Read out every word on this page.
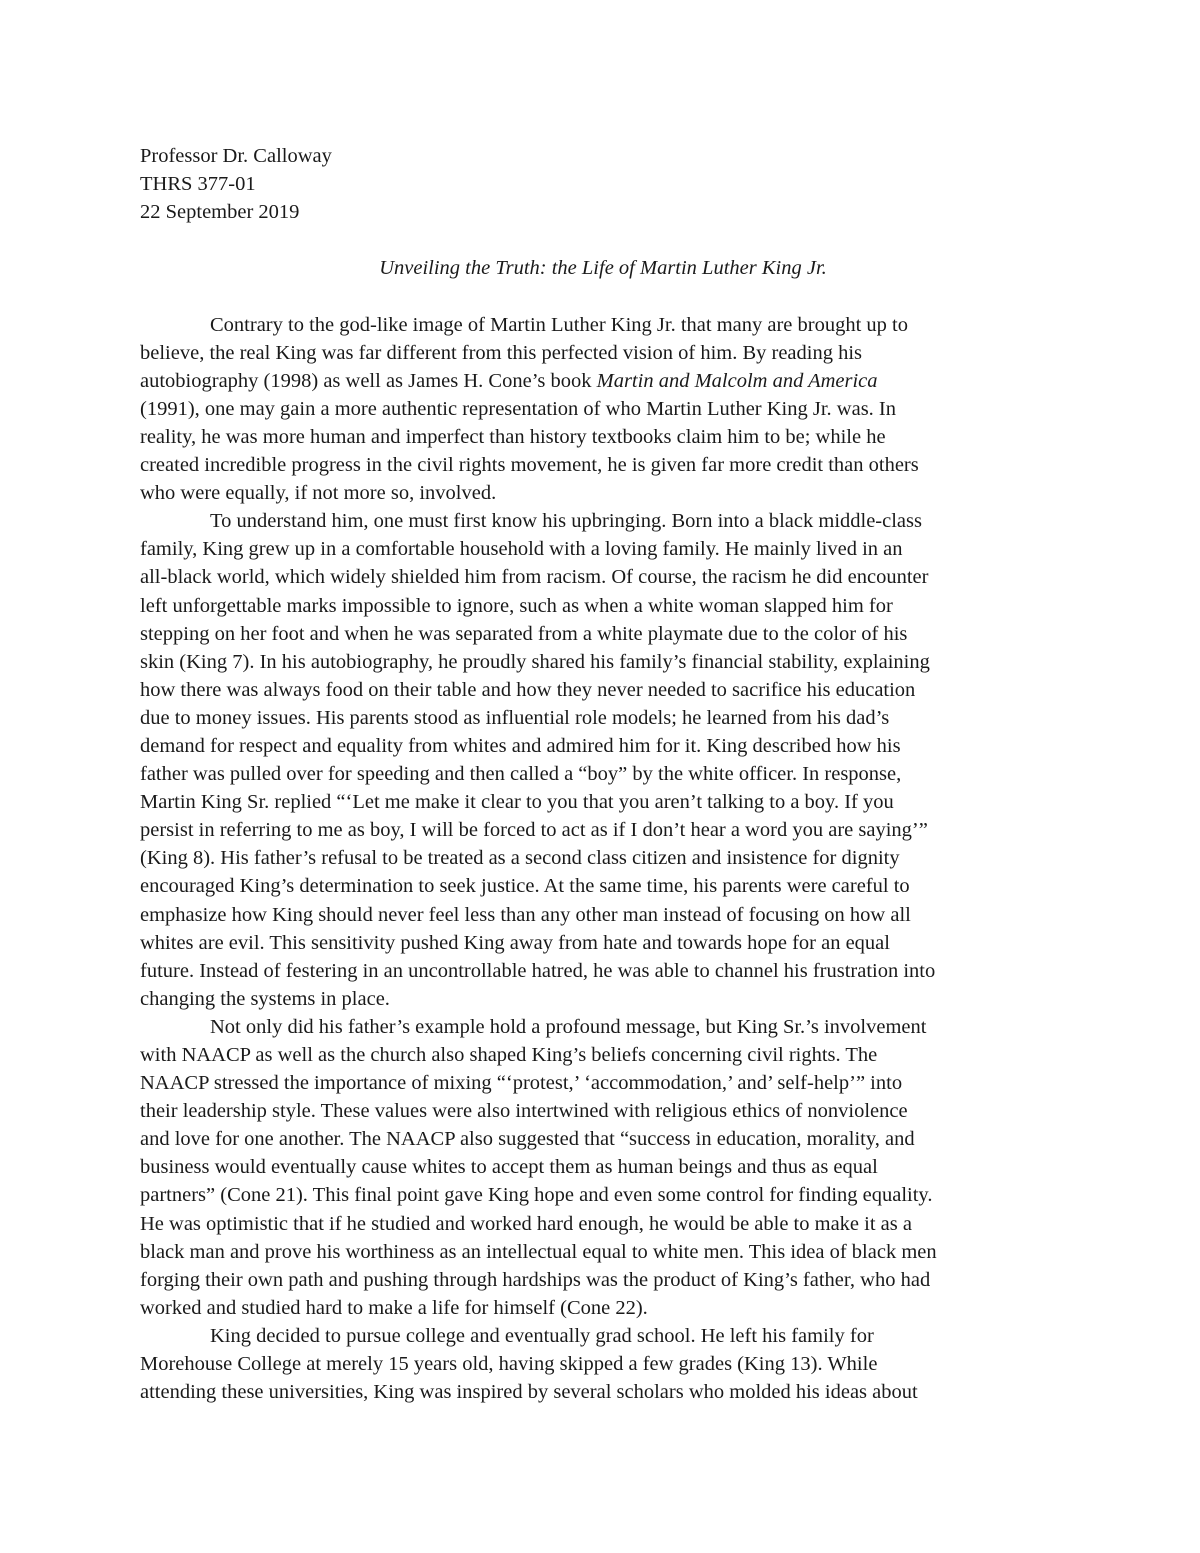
Professor Dr. Calloway
THRS 377-01
22 September 2019
Unveiling the Truth: the Life of Martin Luther King Jr.
Contrary to the god-like image of Martin Luther King Jr. that many are brought up to
believe, the real King was far different from this perfected vision of him. By reading his
autobiography (1998) as well as James H. Cone’s book Martin and Malcolm and America
(1991), one may gain a more authentic representation of who Martin Luther King Jr. was. In
reality, he was more human and imperfect than history textbooks claim him to be; while he
created incredible progress in the civil rights movement, he is given far more credit than others
who were equally, if not more so, involved.
To understand him, one must first know his upbringing. Born into a black middle-class
family, King grew up in a comfortable household with a loving family. He mainly lived in an
all-black world, which widely shielded him from racism. Of course, the racism he did encounter
left unforgettable marks impossible to ignore, such as when a white woman slapped him for
stepping on her foot and when he was separated from a white playmate due to the color of his
skin (King 7). In his autobiography, he proudly shared his family’s financial stability, explaining
how there was always food on their table and how they never needed to sacrifice his education
due to money issues. His parents stood as influential role models; he learned from his dad’s
demand for respect and equality from whites and admired him for it. King described how his
father was pulled over for speeding and then called a “boy” by the white officer. In response,
Martin King Sr. replied “‘Let me make it clear to you that you aren’t talking to a boy. If you
persist in referring to me as boy, I will be forced to act as if I don’t hear a word you are saying’”
(King 8). His father’s refusal to be treated as a second class citizen and insistence for dignity
encouraged King’s determination to seek justice. At the same time, his parents were careful to
emphasize how King should never feel less than any other man instead of focusing on how all
whites are evil. This sensitivity pushed King away from hate and towards hope for an equal
future. Instead of festering in an uncontrollable hatred, he was able to channel his frustration into
changing the systems in place.
Not only did his father’s example hold a profound message, but King Sr.’s involvement
with NAACP as well as the church also shaped King’s beliefs concerning civil rights. The
NAACP stressed the importance of mixing “‘protest,’ ‘accommodation,’ and’ self-help’” into
their leadership style. These values were also intertwined with religious ethics of nonviolence
and love for one another. The NAACP also suggested that “success in education, morality, and
business would eventually cause whites to accept them as human beings and thus as equal
partners” (Cone 21). This final point gave King hope and even some control for finding equality.
He was optimistic that if he studied and worked hard enough, he would be able to make it as a
black man and prove his worthiness as an intellectual equal to white men. This idea of black men
forging their own path and pushing through hardships was the product of King’s father, who had
worked and studied hard to make a life for himself (Cone 22).
King decided to pursue college and eventually grad school. He left his family for
Morehouse College at merely 15 years old, having skipped a few grades (King 13). While
attending these universities, King was inspired by several scholars who molded his ideas about
